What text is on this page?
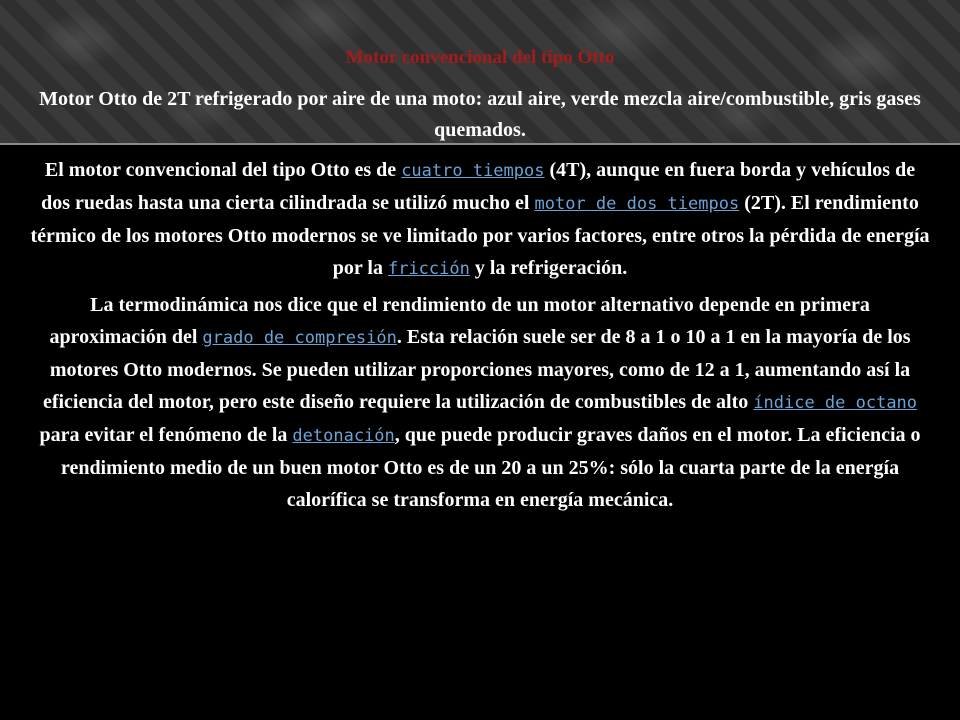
Motor convencional del tipo Otto

Motor Otto de 2T refrigerado por aire de una moto: azul aire, verde mezcla aire/combustible, gris gases quemados.

El motor convencional del tipo Otto es de cuatro tiempos (4T), aunque en fuera borda y vehículos de dos ruedas hasta una cierta cilindrada se utilizó mucho el motor de dos tiempos (2T). El rendimiento térmico de los motores Otto modernos se ve limitado por varios factores, entre otros la pérdida de energía por la fricción y la refrigeración.

La termodinámica nos dice que el rendimiento de un motor alternativo depende en primera aproximación del grado de compresión. Esta relación suele ser de 8 a 1 o 10 a 1 en la mayoría de los motores Otto modernos. Se pueden utilizar proporciones mayores, como de 12 a 1, aumentando así la eficiencia del motor, pero este diseño requiere la utilización de combustibles de alto índice de octano para evitar el fenómeno de la detonación, que puede producir graves daños en el motor. La eficiencia o rendimiento medio de un buen motor Otto es de un 20 a un 25%: sólo la cuarta parte de la energía calorífica se transforma en energía mecánica.
